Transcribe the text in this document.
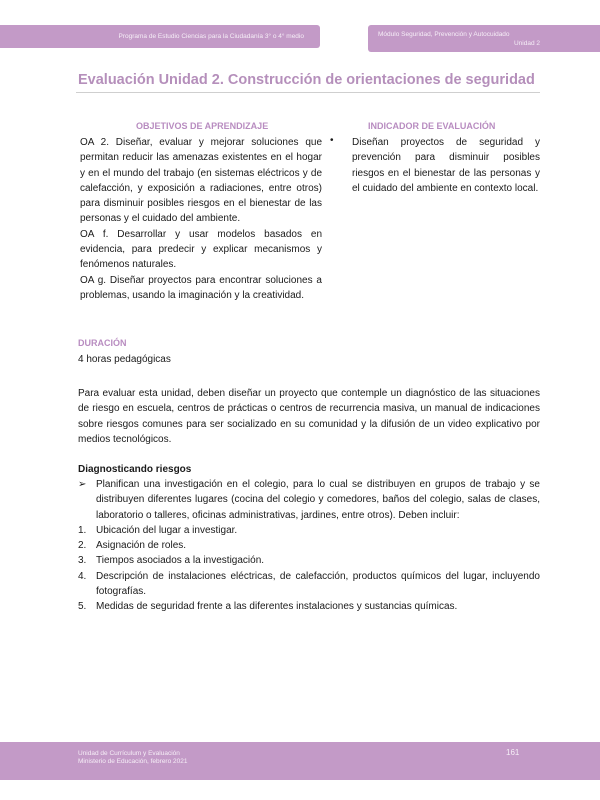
Programa de Estudio Ciencias para la Ciudadanía 3° o 4° medio	Módulo Seguridad, Prevención y Autocuidado
Unidad 2
Evaluación Unidad 2. Construcción de orientaciones de seguridad
OBJETIVOS DE APRENDIZAJE

OA 2. Diseñar, evaluar y mejorar soluciones que permitan reducir las amenazas existentes en el hogar y en el mundo del trabajo (en sistemas eléctricos y de calefacción, y exposición a radiaciones, entre otros) para disminuir posibles riesgos en el bienestar de las personas y el cuidado del ambiente.

OA f. Desarrollar y usar modelos basados en evidencia, para predecir y explicar mecanismos y fenómenos naturales.

OA g. Diseñar proyectos para encontrar soluciones a problemas, usando la imaginación y la creatividad.

INDICADOR DE EVALUACIÓN
• Diseñan proyectos de seguridad y prevención para disminuir posibles riesgos en el bienestar de las personas y el cuidado del ambiente en contexto local.
DURACIÓN
4 horas pedagógicas
Para evaluar esta unidad, deben diseñar un proyecto que contemple un diagnóstico de las situaciones de riesgo en escuela, centros de prácticas o centros de recurrencia masiva, un manual de indicaciones sobre riesgos comunes para ser socializado en su comunidad y la difusión de un video explicativo por medios tecnológicos.
Diagnosticando riesgos
➢ Planifican una investigación en el colegio, para lo cual se distribuyen en grupos de trabajo y se distribuyen diferentes lugares (cocina del colegio y comedores, baños del colegio, salas de clases, laboratorio o talleres, oficinas administrativas, jardines, entre otros). Deben incluir:
1. Ubicación del lugar a investigar.
2. Asignación de roles.
3. Tiempos asociados a la investigación.
4. Descripción de instalaciones eléctricas, de calefacción, productos químicos del lugar, incluyendo fotografías.
5. Medidas de seguridad frente a las diferentes instalaciones y sustancias químicas.
Unidad de Currículum y Evaluación
Ministerio de Educación, febrero 2021
161
